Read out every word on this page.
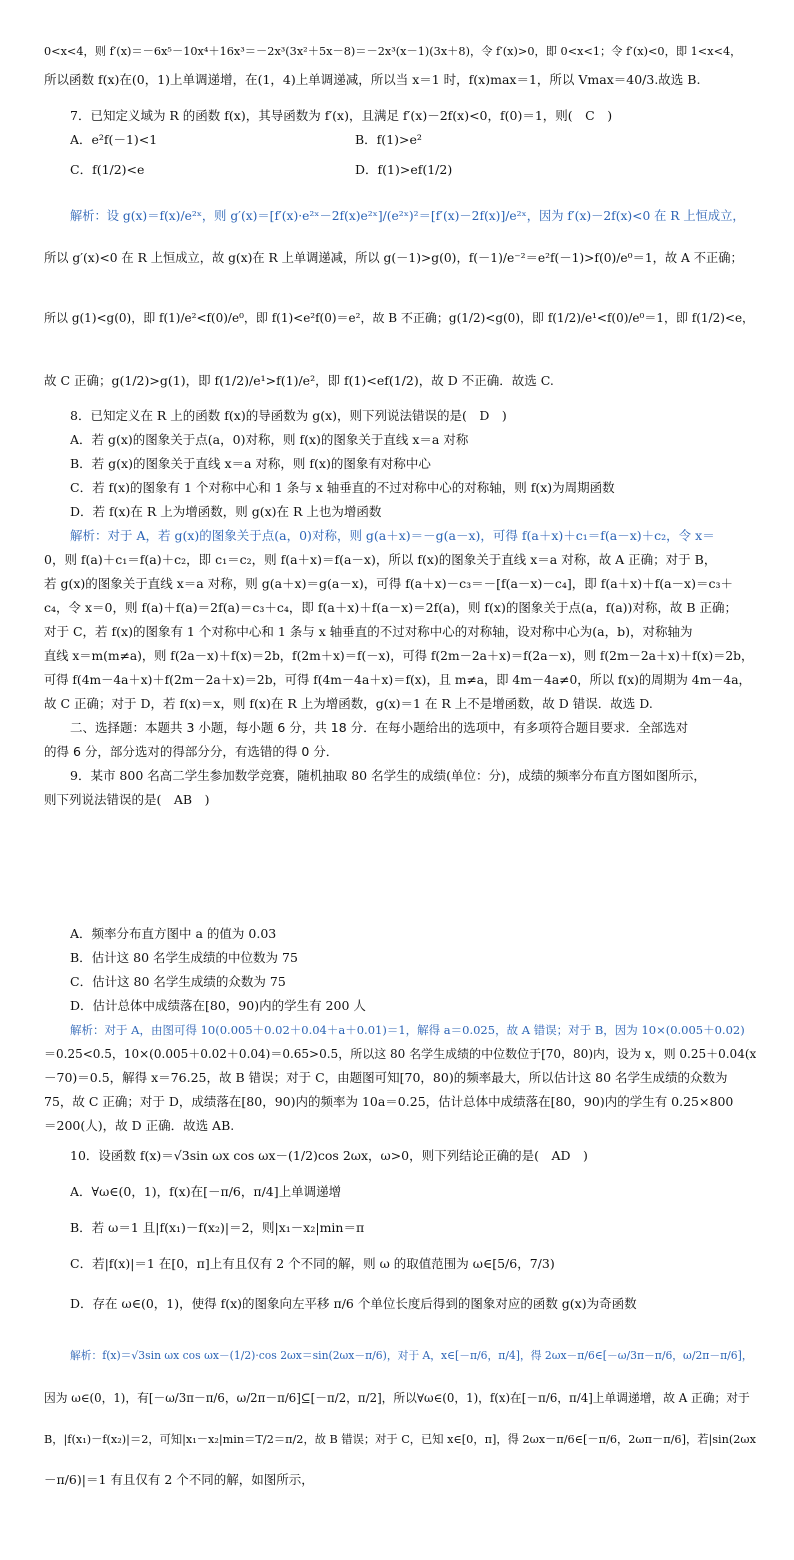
0<x<4，则 f′(x)＝－6x⁵－10x⁴＋16x³＝－2x³(3x²＋5x－8)＝－2x³(x－1)(3x＋8)，令 f′(x)>0，即 0<x<1；令 f′(x)<0，即 1<x<4，
所以函数 f(x)在(0，1)上单调递增，在(1，4)上单调递减，所以当 x＝1 时，f(x)max＝1，所以 Vmax＝40/3.故选 B.
7．已知定义域为 R 的函数 f(x)，其导函数为 f′(x)，且满足 f′(x)－2f(x)<0，f(0)＝1，则(　C　)
A．e²f(－1)<1	B．f(1)>e²
C．f(1/2)<e	D．f(1)>ef(1/2)
解析：设 g(x)＝f(x)/e²ˣ，则 g′(x)＝[f′(x)·e²ˣ－2f(x)e²ˣ]/(e²ˣ)²＝[f′(x)－2f(x)]/e²ˣ，因为 f′(x)－2f(x)<0 在 R 上恒成立，
所以 g′(x)<0 在 R 上恒成立，故 g(x)在 R 上单调递减，所以 g(－1)>g(0)，f(－1)/e⁻²＝e²f(－1)>f(0)/e⁰＝1，故 A 不正确；
所以 g(1)<g(0)，即 f(1)/e²<f(0)/e⁰，即 f(1)<e²f(0)＝e²，故 B 不正确；g(1/2)<g(0)，即 f(1/2)/e¹<f(0)/e⁰＝1，即 f(1/2)<e，
故 C 正确；g(1/2)>g(1)，即 f(1/2)/e¹>f(1)/e²，即 f(1)<ef(1/2)，故 D 不正确．故选 C.
8．已知定义在 R 上的函数 f(x)的导函数为 g(x)，则下列说法错误的是(　D　)
A．若 g(x)的图象关于点(a，0)对称，则 f(x)的图象关于直线 x＝a 对称
B．若 g(x)的图象关于直线 x＝a 对称，则 f(x)的图象有对称中心
C．若 f(x)的图象有 1 个对称中心和 1 条与 x 轴垂直的不过对称中心的对称轴，则 f(x)为周期函数
D．若 f(x)在 R 上为增函数，则 g(x)在 R 上也为增函数
解析：对于 A，若 g(x)的图象关于点(a，0)对称，则 g(a＋x)＝－g(a－x)，可得 f(a＋x)＋c₁＝f(a－x)＋c₂，令 x＝
0，则 f(a)＋c₁＝f(a)＋c₂，即 c₁＝c₂，则 f(a＋x)＝f(a－x)，所以 f(x)的图象关于直线 x＝a 对称，故 A 正确；对于 B，
若 g(x)的图象关于直线 x＝a 对称，则 g(a＋x)＝g(a－x)，可得 f(a＋x)－c₃＝－[f(a－x)－c₄]，即 f(a＋x)＋f(a－x)＝c₃＋
c₄，令 x＝0，则 f(a)＋f(a)＝2f(a)＝c₃＋c₄，即 f(a＋x)＋f(a－x)＝2f(a)，则 f(x)的图象关于点(a，f(a))对称，故 B 正确；
对于 C，若 f(x)的图象有 1 个对称中心和 1 条与 x 轴垂直的不过对称中心的对称轴，设对称中心为(a，b)，对称轴为
直线 x＝m(m≠a)，则 f(2a－x)＋f(x)＝2b，f(2m＋x)＝f(－x)，可得 f(2m－2a＋x)＝f(2a－x)，则 f(2m－2a＋x)＋f(x)＝2b，
可得 f(4m－4a＋x)＋f(2m－2a＋x)＝2b，可得 f(4m－4a＋x)＝f(x)，且 m≠a，即 4m－4a≠0，所以 f(x)的周期为 4m－4a，
故 C 正确；对于 D，若 f(x)＝x，则 f(x)在 R 上为增函数，g(x)＝1 在 R 上不是增函数，故 D 错误．故选 D.
二、选择题：本题共 3 小题，每小题 6 分，共 18 分．在每小题给出的选项中，有多项符合题目要求．全部选对
的得 6 分，部分选对的得部分分，有选错的得 0 分．
9．某市 800 名高二学生参加数学竞赛，随机抽取 80 名学生的成绩(单位：分)，成绩的频率分布直方图如图所示，
则下列说法错误的是(　AB　)
A．频率分布直方图中 a 的值为 0.03
B．估计这 80 名学生成绩的中位数为 75
C．估计这 80 名学生成绩的众数为 75
D．估计总体中成绩落在[80，90)内的学生有 200 人
解析：对于 A，由图可得 10(0.005＋0.02＋0.04＋a＋0.01)＝1，解得 a＝0.025，故 A 错误；对于 B，因为 10×(0.005＋0.02)
＝0.25<0.5，10×(0.005＋0.02＋0.04)＝0.65>0.5，所以这 80 名学生成绩的中位数位于[70，80)内，设为 x，则 0.25＋0.04(x
－70)＝0.5，解得 x＝76.25，故 B 错误；对于 C，由题图可知[70，80)的频率最大，所以估计这 80 名学生成绩的众数为
75，故 C 正确；对于 D，成绩落在[80，90)内的频率为 10a＝0.25，估计总体中成绩落在[80，90)内的学生有 0.25×800
＝200(人)，故 D 正确．故选 AB.
10．设函数 f(x)＝√3sin ωx cos ωx－(1/2)cos 2ωx，ω>0，则下列结论正确的是(　AD　)
A．∀ω∈(0，1)，f(x)在[－π/6，π/4]上单调递增
B．若 ω＝1 且|f(x₁)－f(x₂)|＝2，则|x₁－x₂|min＝π
C．若|f(x)|＝1 在[0，π]上有且仅有 2 个不同的解，则 ω 的取值范围为 ω∈[5/6，7/3)
D．存在 ω∈(0，1)，使得 f(x)的图象向左平移 π/6 个单位长度后得到的图象对应的函数 g(x)为奇函数
解析：f(x)＝√3sin ωx cos ωx－(1/2)·cos 2ωx＝sin(2ωx－π/6)，对于 A，x∈[－π/6，π/4]，得 2ωx－π/6∈[－ω/3π－π/6，ω/2π－π/6]，
因为 ω∈(0，1)，有[－ω/3π－π/6，ω/2π－π/6]⊆[－π/2，π/2]，所以∀ω∈(0，1)，f(x)在[－π/6，π/4]上单调递增，故 A 正确；对于
B，|f(x₁)－f(x₂)|＝2，可知|x₁－x₂|min＝T/2＝π/2，故 B 错误；对于 C，已知 x∈[0，π]，得 2ωx－π/6∈[－π/6，2ωπ－π/6]，若|sin(2ωx
－π/6)|＝1 有且仅有 2 个不同的解，如图所示，
